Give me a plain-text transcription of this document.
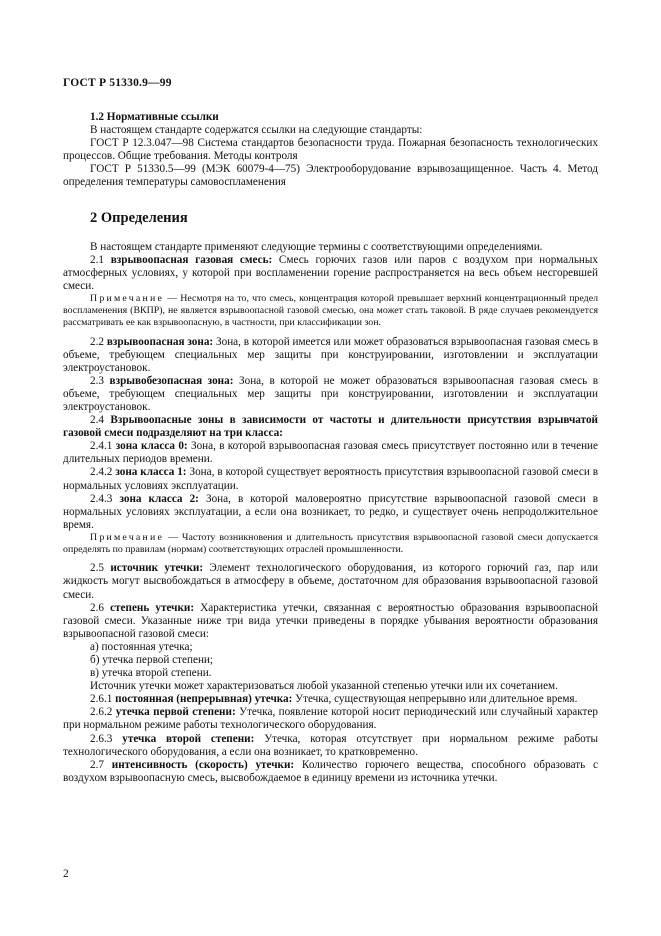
ГОСТ Р 51330.9—99

1.2 Нормативные ссылки

В настоящем стандарте содержатся ссылки на следующие стандарты:

ГОСТ Р 12.3.047—98 Система стандартов безопасности труда. Пожарная безопасность технологических процессов. Общие требования. Методы контроля

ГОСТ Р 51330.5—99 (МЭК 60079-4—75) Электрооборудование взрывозащищенное. Часть 4. Метод определения температуры самовоспламенения

2 Определения

В настоящем стандарте применяют следующие термины с соответствующими определениями.

2.1 взрывоопасная газовая смесь: Смесь горючих газов или паров с воздухом при нормальных атмосферных условиях, у которой при воспламенении горение распространяется на весь объем несгоревшей смеси.

Примечание — Несмотря на то, что смесь, концентрация которой превышает верхний концентрационный предел воспламенения (ВКПР), не является взрывоопасной газовой смесью, она может стать таковой. В ряде случаев рекомендуется рассматривать ее как взрывоопасную, в частности, при классификации зон.

2.2 взрывоопасная зона: Зона, в которой имеется или может образоваться взрывоопасная газовая смесь в объеме, требующем специальных мер защиты при конструировании, изготовлении и эксплуатации электроустановок.

2.3 взрывобезопасная зона: Зона, в которой не может образоваться взрывоопасная газовая смесь в объеме, требующем специальных мер защиты при конструировании, изготовлении и эксплуатации электроустановок.

2.4 Взрывоопасные зоны в зависимости от частоты и длительности присутствия взрывчатой газовой смеси подразделяют на три класса:

2.4.1 зона класса 0: Зона, в которой взрывоопасная газовая смесь присутствует постоянно или в течение длительных периодов времени.

2.4.2 зона класса 1: Зона, в которой существует вероятность присутствия взрывоопасной газовой смеси в нормальных условиях эксплуатации.

2.4.3 зона класса 2: Зона, в которой маловероятно присутствие взрывоопасной газовой смеси в нормальных условиях эксплуатации, а если она возникает, то редко, и существует очень непродолжительное время.

Примечание — Частоту возникновения и длительность присутствия взрывоопасной газовой смеси допускается определять по правилам (нормам) соответствующих отраслей промышленности.

2.5 источник утечки: Элемент технологического оборудования, из которого горючий газ, пар или жидкость могут высвобождаться в атмосферу в объеме, достаточном для образования взрывоопасной газовой смеси.

2.6 степень утечки: Характеристика утечки, связанная с вероятностью образования взрывоопасной газовой смеси. Указанные ниже три вида утечки приведены в порядке убывания вероятности образования взрывоопасной газовой смеси:

а) постоянная утечка;

б) утечка первой степени;

в) утечка второй степени.

Источник утечки может характеризоваться любой указанной степенью утечки или их сочетанием.

2.6.1 постоянная (непрерывная) утечка: Утечка, существующая непрерывно или длительное время.

2.6.2 утечка первой степени: Утечка, появление которой носит периодический или случайный характер при нормальном режиме работы технологического оборудования.

2.6.3 утечка второй степени: Утечка, которая отсутствует при нормальном режиме работы технологического оборудования, а если она возникает, то кратковременно.

2.7 интенсивность (скорость) утечки: Количество горючего вещества, способного образовать с воздухом взрывоопасную смесь, высвобождаемое в единицу времени из источника утечки.

2
